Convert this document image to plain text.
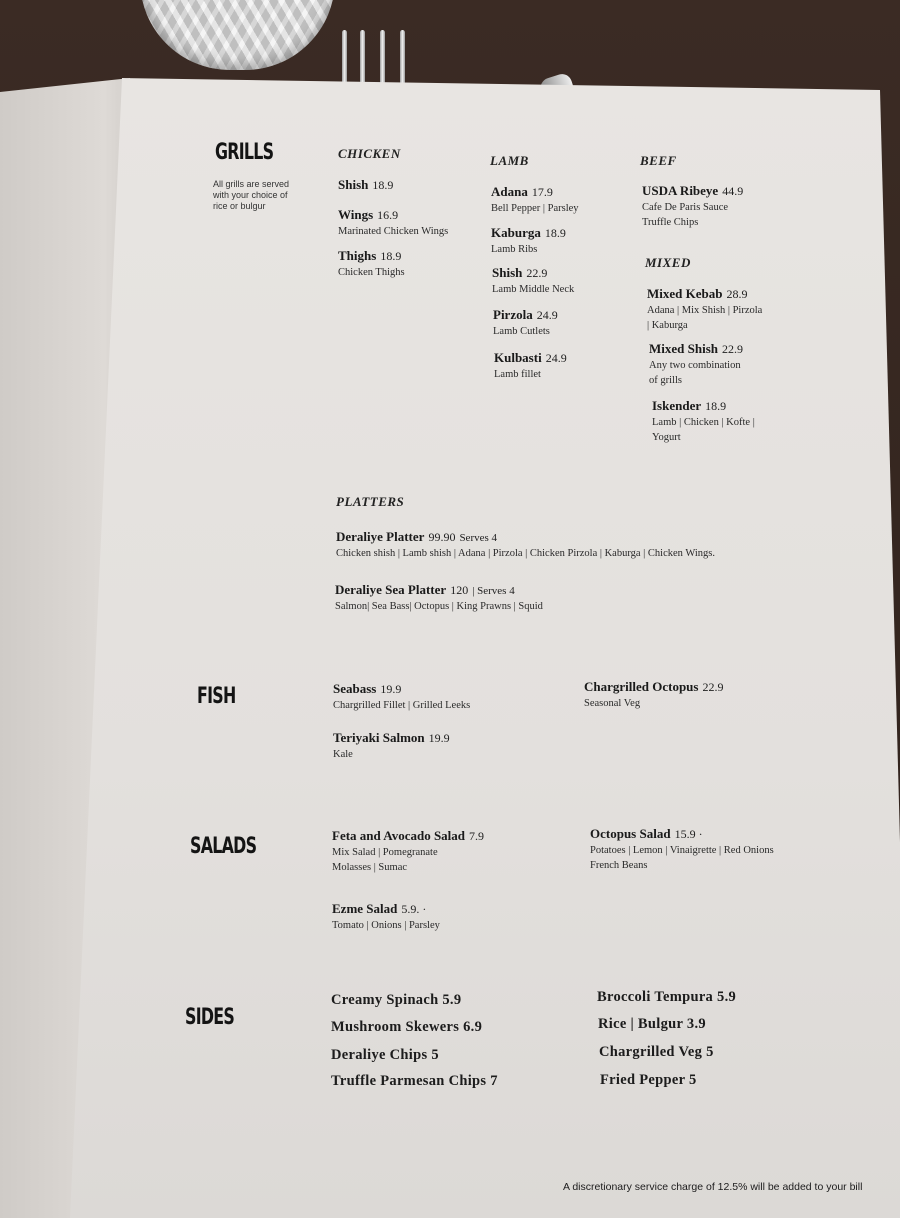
GRILLS
All grills are served with your choice of rice or bulgur
CHICKEN
Shish 18.9
Wings 16.9
Marinated Chicken Wings
Thighs 18.9
Chicken Thighs
LAMB
Adana 17.9
Bell Pepper | Parsley
Kaburga 18.9
Lamb Ribs
Shish 22.9
Lamb Middle Neck
Pirzola 24.9
Lamb Cutlets
Kulbasti 24.9
Lamb fillet
BEEF
USDA Ribeye 44.9
Cafe De Paris Sauce
Truffle Chips
MIXED
Mixed Kebab 28.9
Adana | Mix Shish | Pirzola
| Kaburga
Mixed Shish 22.9
Any two combination
of grills
Iskender 18.9
Lamb | Chicken | Kofte |
Yogurt
PLATTERS
Deraliye Platter 99.90 Serves 4
Chicken shish | Lamb shish | Adana | Pirzola | Chicken Pirzola | Kaburga | Chicken Wings.
Deraliye Sea Platter 120 | Serves 4
Salmon| Sea Bass| Octopus | King Prawns | Squid
FISH	Seabass 19.9
Chargrilled Fillet | Grilled Leeks
Teriyaki Salmon 19.9
Kale
Chargrilled Octopus 22.9
Seasonal Veg
SALADS	Feta and Avocado Salad 7.9
Mix Salad | Pomegranate
Molasses | Sumac
Ezme Salad 5.9. ·
Tomato | Onions | Parsley
Octopus Salad 15.9 ·
Potatoes | Lemon | Vinaigrette | Red Onions
French Beans
SIDES
Creamy Spinach 5.9
Mushroom Skewers 6.9
Deraliye Chips 5
Truffle Parmesan Chips 7
Broccoli Tempura 5.9
Rice | Bulgur 3.9
Chargrilled Veg 5
Fried Pepper 5
A discretionary service charge of 12.5% will be added to your bill
